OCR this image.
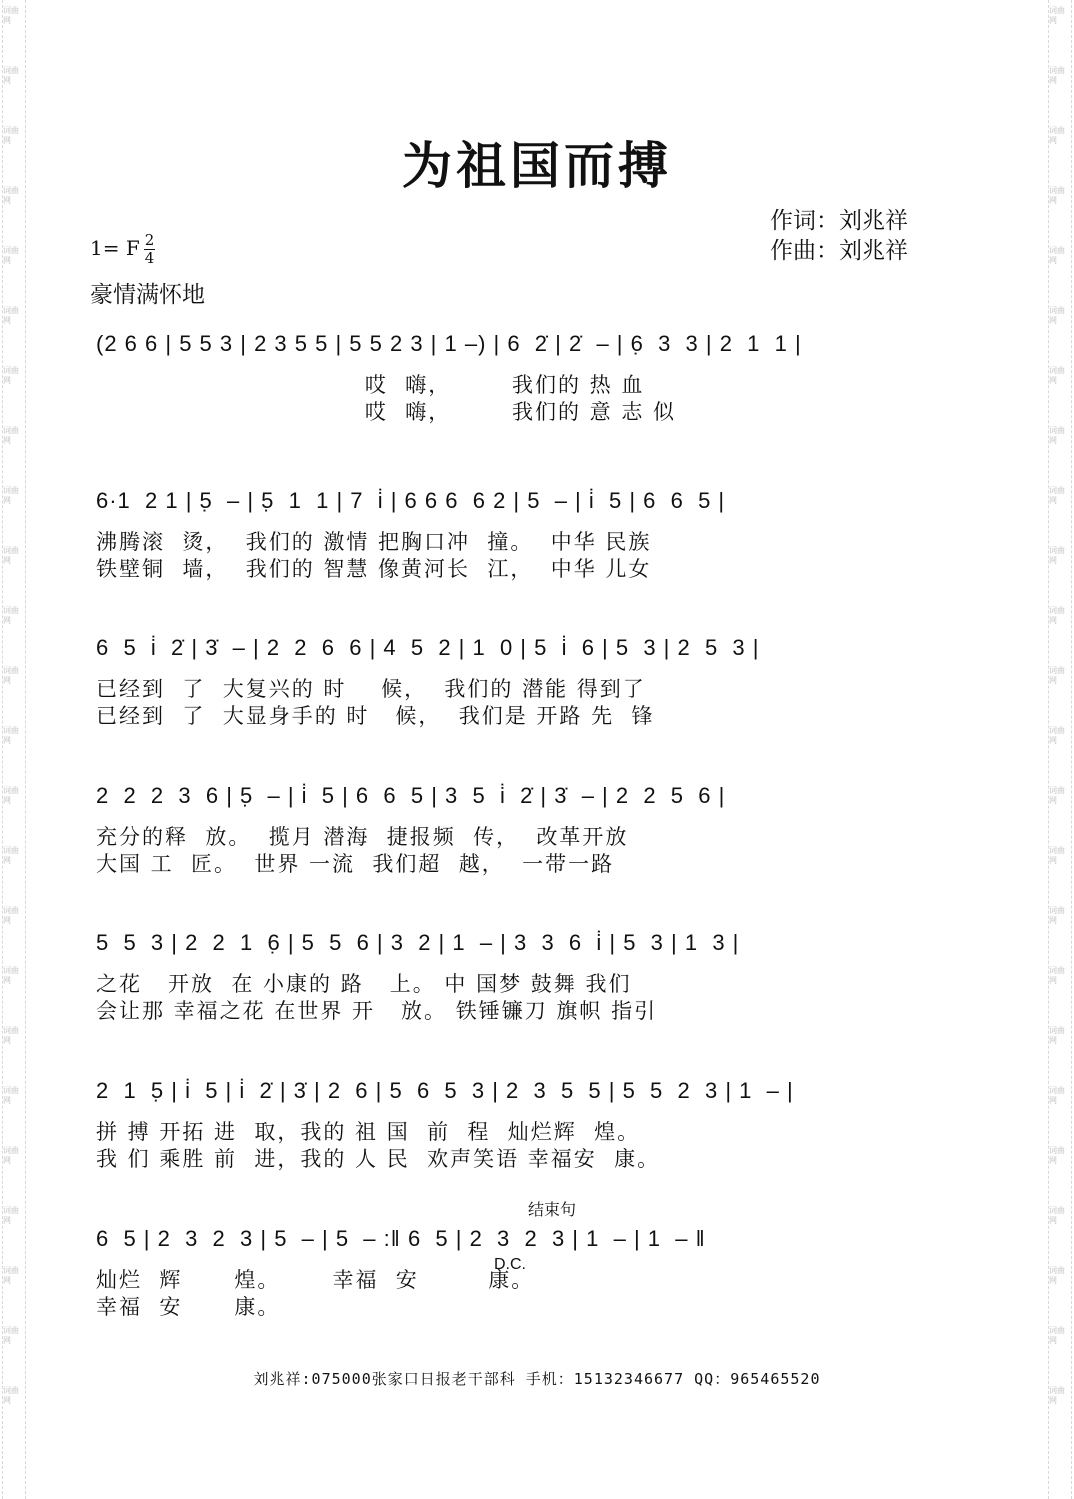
词曲网
词曲网
词曲网
词曲网
词曲网
词曲网
词曲网
词曲网
词曲网
词曲网
词曲网
词曲网
词曲网
词曲网
词曲网
词曲网
词曲网
词曲网
词曲网
词曲网
词曲网
词曲网
词曲网
词曲网
词曲网
词曲网
词曲网
词曲网
词曲网
词曲网
词曲网
词曲网
词曲网
词曲网
词曲网
词曲网
词曲网
词曲网
词曲网
词曲网
词曲网
词曲网
词曲网
词曲网
词曲网
词曲网
词曲网
词曲网
为祖国而搏
作词：刘兆祥
作曲：刘兆祥
1= F 2
4
豪情满怀地
(2 6 6 | 5 5 3 | 2 3 5 5 | 5 5 2 3 | 1 –) | 6  2̇ | 2̇  – | 6̣  3  3 | 2  1  1 |
哎  嗨，       我们的 热 血
哎  嗨，       我们的 意 志 似
6·1  2 1 | 5̣  – | 5̣  1  1 | 7  i̇ | 6 6 6  6 2 | 5  – | i̇  5 | 6  6  5 |
沸腾滚  烫，  我们的 激情 把胸口冲  撞。  中华 民族
铁壁铜  墙，  我们的 智慧 像黄河长  江，  中华 儿女
6  5  i̇  2̇ | 3̇  – | 2  2  6  6 | 4  5  2 | 1  0 | 5  i̇  6 | 5  3 | 2  5  3 |
已经到  了  大复兴的 时    候，  我们的 潜能 得到了
已经到  了  大显身手的 时   候，  我们是 开路 先  锋
2  2  2  3  6 | 5̣  – | i̇  5 | 6  6  5 | 3  5  i̇  2̇ | 3̇  – | 2  2  5  6 |
充分的释  放。  揽月 潜海  捷报频  传，  改革开放
大国 工  匠。  世界 一流  我们超  越，  一带一路
5  5  3 | 2  2  1  6̣ | 5  5  6 | 3  2 | 1  – | 3  3  6  i̇ | 5  3 | 1  3 |
之花   开放  在 小康的 路   上。 中 国梦 鼓舞 我们
会让那 幸福之花 在世界 开   放。 铁锤镰刀 旗帜 指引
2  1  5̣ | i̇  5 | i̇  2̇ | 3̇ | 2  6 | 5  6  5  3 | 2  3  5  5 | 5  5  2  3 | 1  – |
拼 搏 开拓 进  取，我的 祖 国  前  程  灿烂辉  煌。
我 们 乘胜 前  进，我的 人 民  欢声笑语 幸福安  康。
结束句
6  5 | 2  3  2  3 | 5  – | 5  – :‖ 6  5 | 2  3  2  3 | 1  – | 1  – ‖
灿烂  辉      煌。      幸福  安        康。
幸福  安      康。
D.C.
刘兆祥:075000张家口日报老干部科 手机：15132346677 QQ：965465520
